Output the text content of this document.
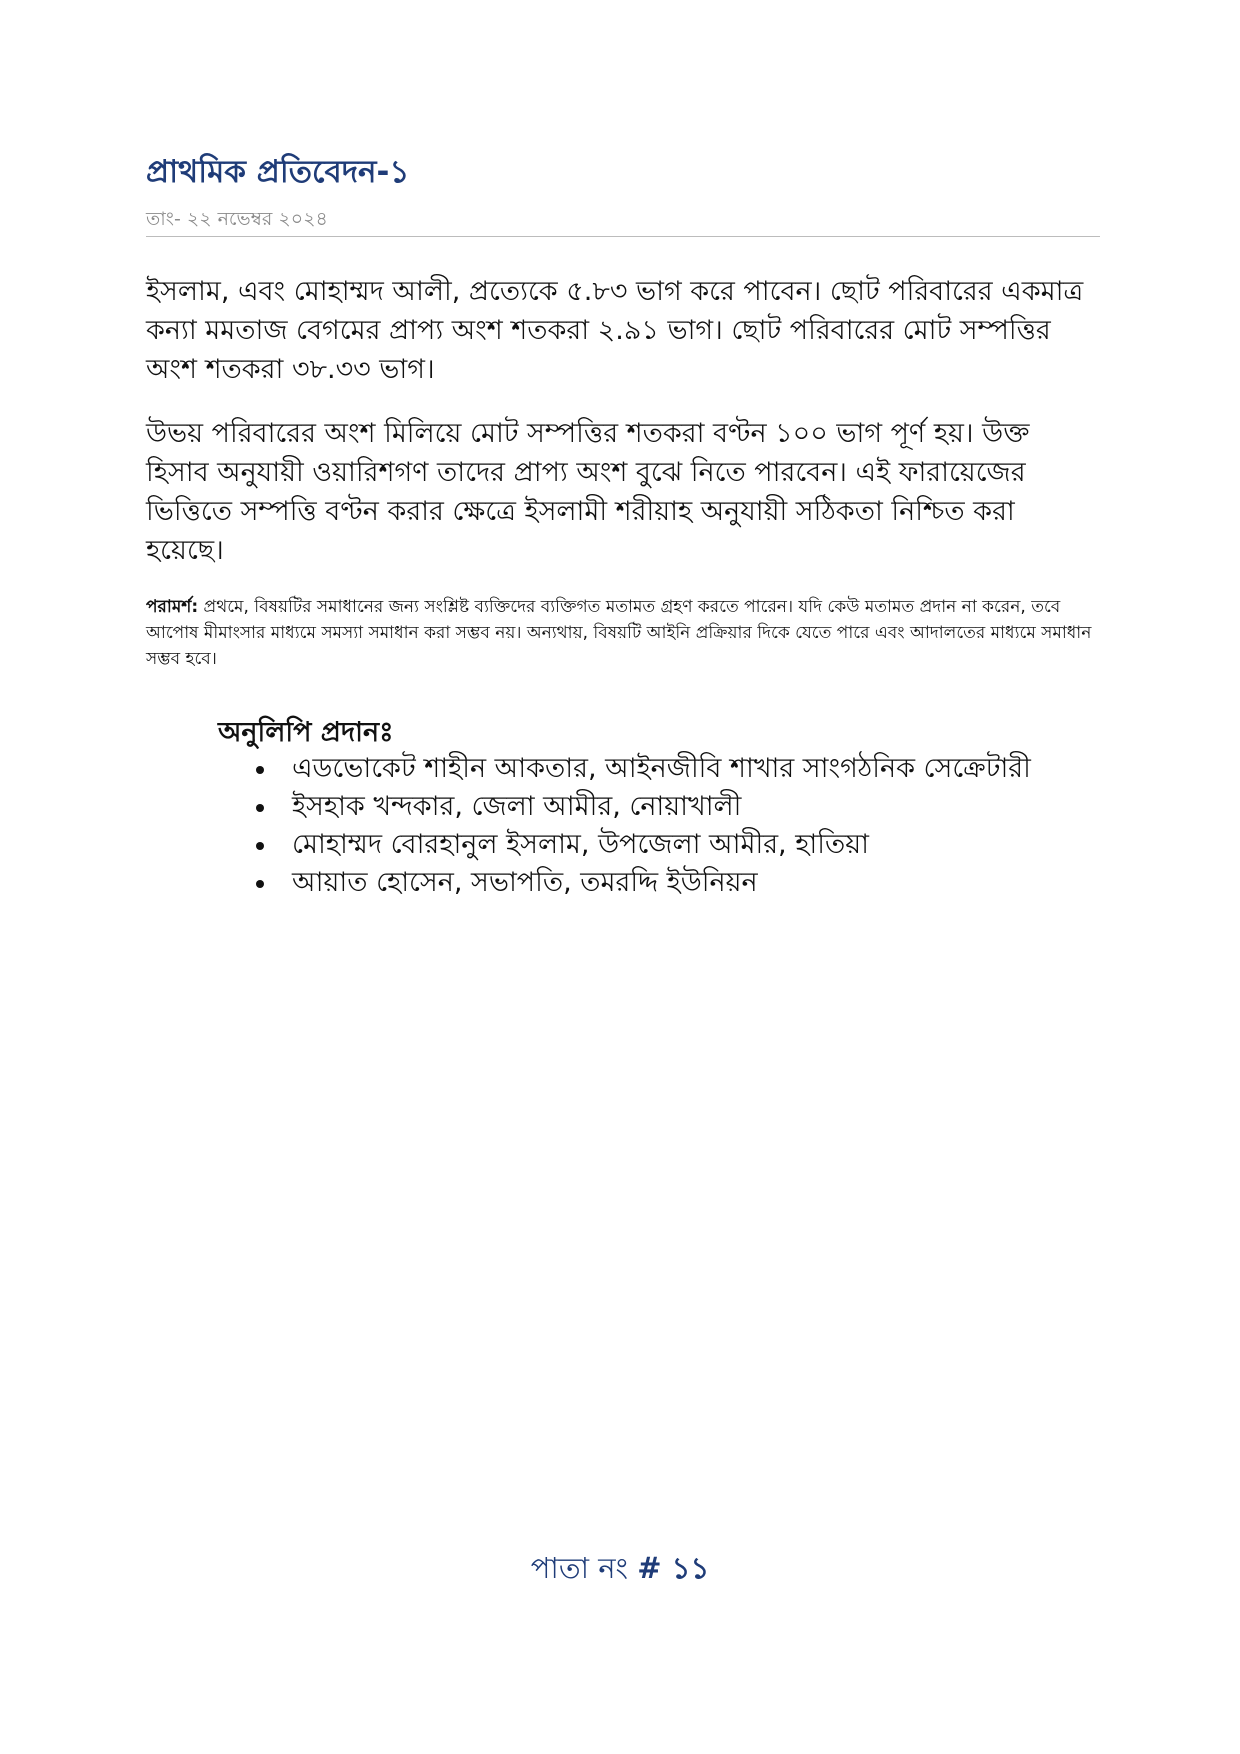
প্রাথমিক প্রতিবেদন-১
তাং- ২২ নভেম্বর ২০২৪

ইসলাম, এবং মোহাম্মদ আলী, প্রত্যেকে ৫.৮৩ ভাগ করে পাবেন। ছোট পরিবারের একমাত্র কন্যা মমতাজ বেগমের প্রাপ্য অংশ শতকরা ২.৯১ ভাগ। ছোট পরিবারের মোট সম্পত্তির অংশ শতকরা ৩৮.৩৩ ভাগ।

উভয় পরিবারের অংশ মিলিয়ে মোট সম্পত্তির শতকরা বণ্টন ১০০ ভাগ পূর্ণ হয়। উক্ত হিসাব অনুযায়ী ওয়ারিশগণ তাদের প্রাপ্য অংশ বুঝে নিতে পারবেন। এই ফারায়েজের ভিত্তিতে সম্পত্তি বণ্টন করার ক্ষেত্রে ইসলামী শরীয়াহ অনুযায়ী সঠিকতা নিশ্চিত করা হয়েছে।

পরামর্শ: প্রথমে, বিষয়টির সমাধানের জন্য সংশ্লিষ্ট ব্যক্তিদের ব্যক্তিগত মতামত গ্রহণ করতে পারেন। যদি কেউ মতামত প্রদান না করেন, তবে আপোষ মীমাংসার মাধ্যমে সমস্যা সমাধান করা সম্ভব নয়। অন্যথায়, বিষয়টি আইনি প্রক্রিয়ার দিকে যেতে পারে এবং আদালতের মাধ্যমে সমাধান সম্ভব হবে।

অনুলিপি প্রদানঃ
এডভোকেট শাহীন আকতার, আইনজীবি শাখার সাংগঠনিক সেক্রেটারী
ইসহাক খন্দকার, জেলা আমীর, নোয়াখালী
মোহাম্মদ বোরহানুল ইসলাম, উপজেলা আমীর, হাতিয়া
আয়াত হোসেন, সভাপতি, তমরদ্দি ইউনিয়ন
পাতা নং # ১১
